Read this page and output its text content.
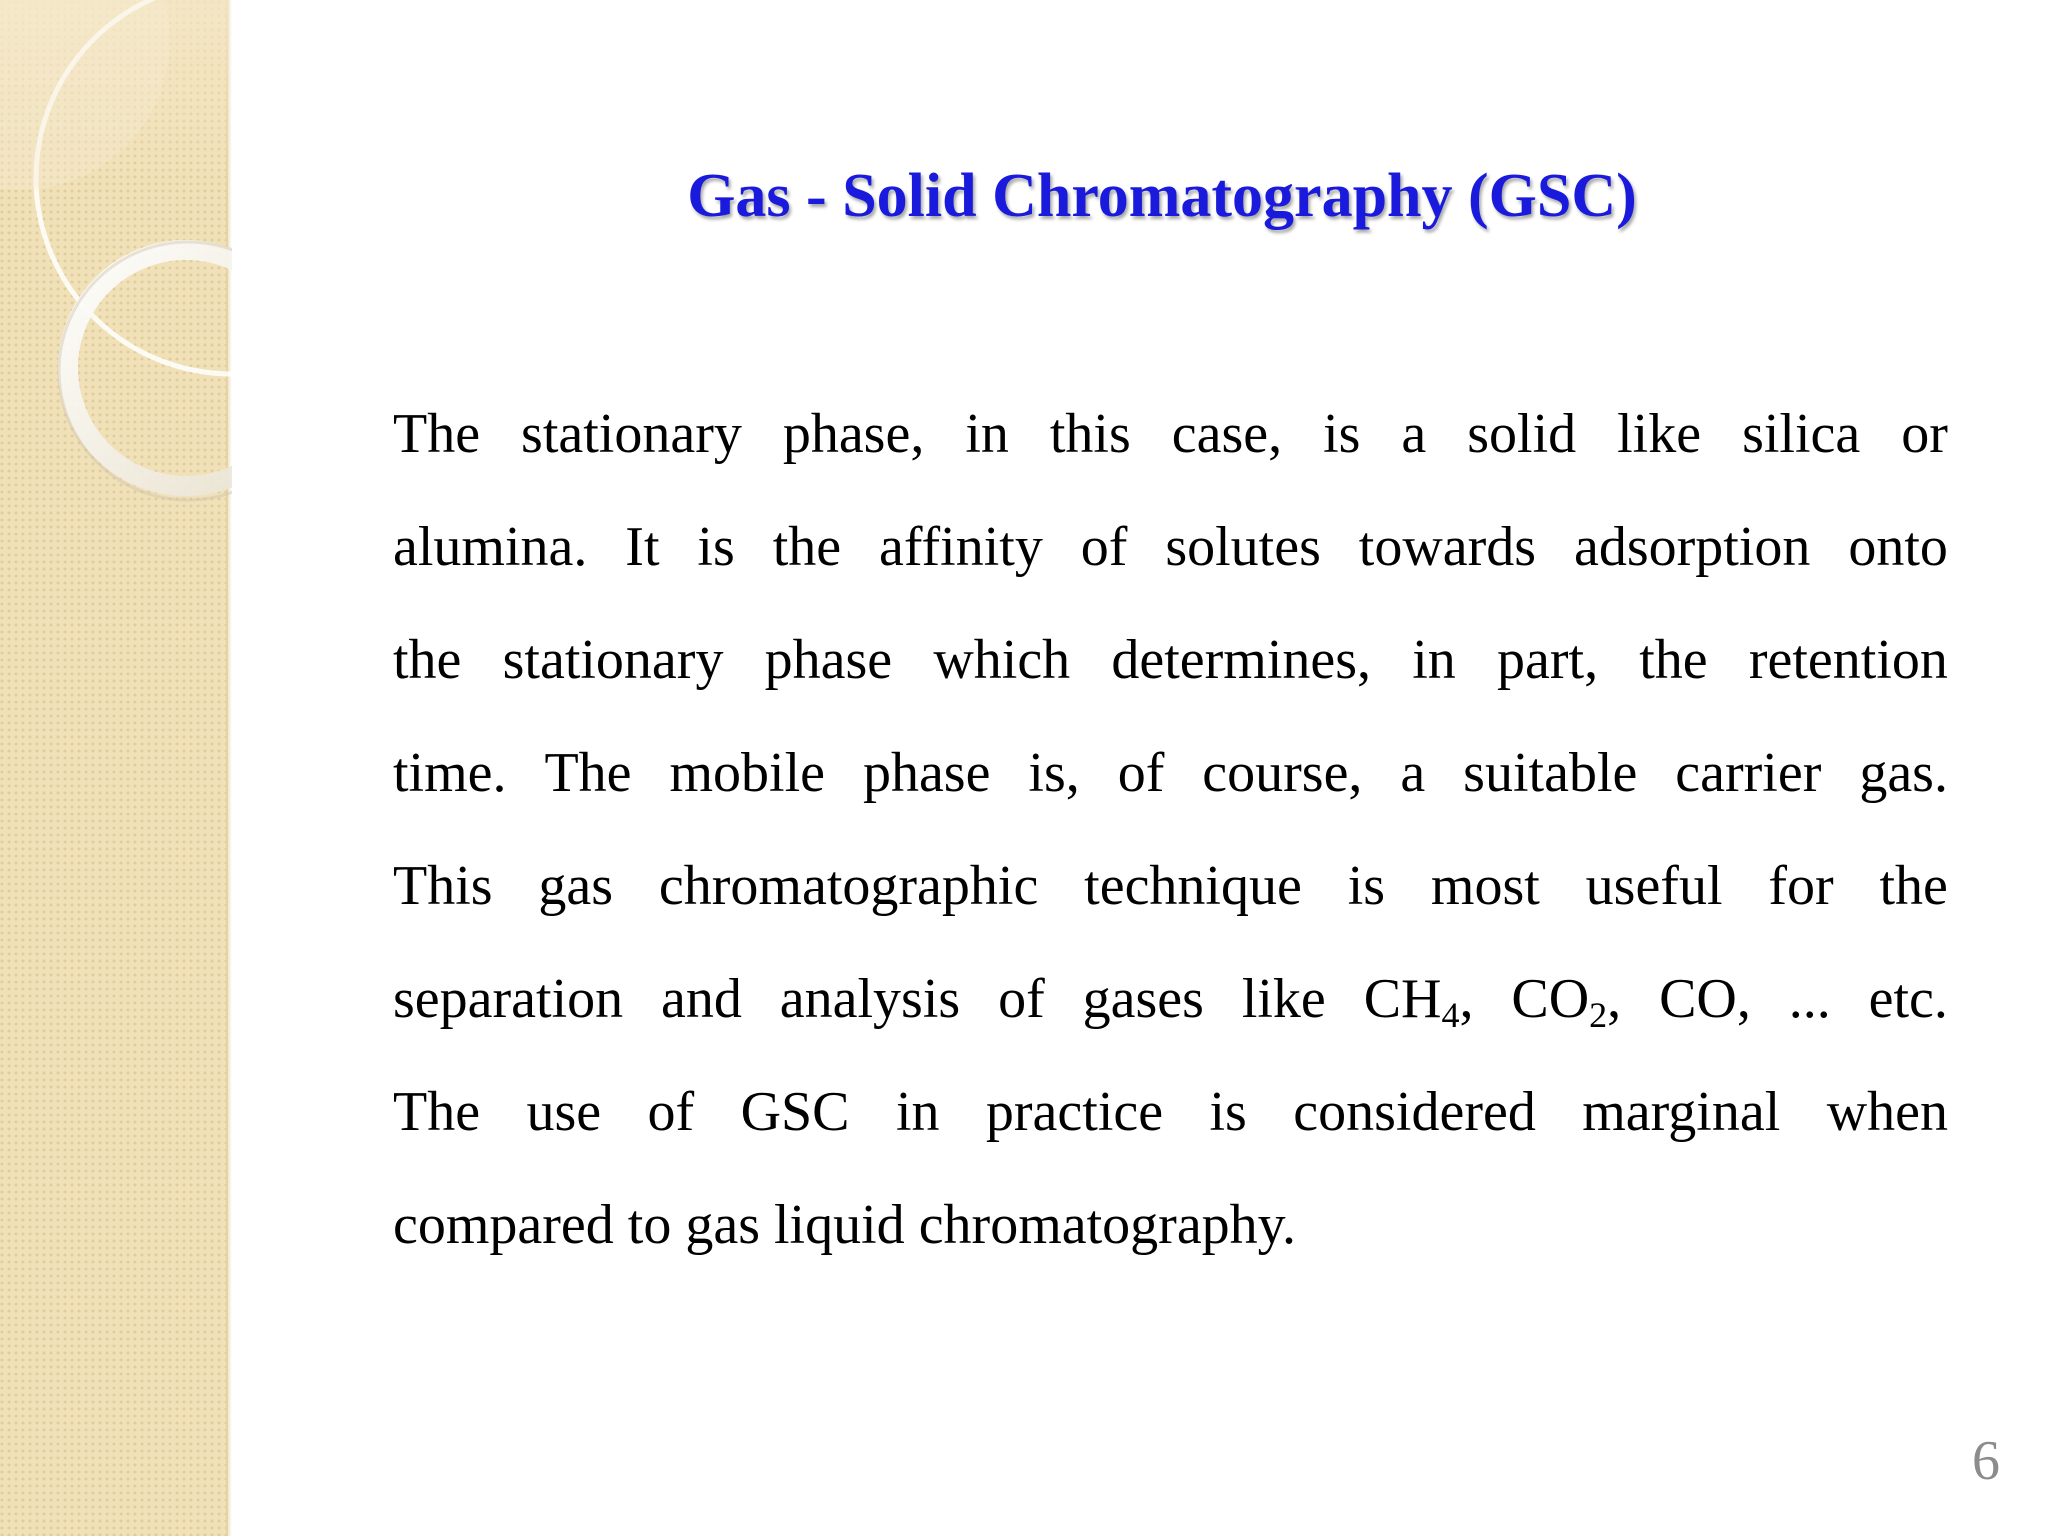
Gas - Solid Chromatography (GSC)
The stationary phase, in this case, is a solid like silica or
alumina. It is the affinity of solutes towards adsorption onto
the stationary phase which determines, in part, the retention
time. The mobile phase is, of course, a suitable carrier gas.
This gas chromatographic technique is most useful for the
separation and analysis of gases like $CH_4$, $CO_2$, CO, ... etc.
The use of GSC in practice is considered marginal when
compared
to
gas
liquid
chromatography.
6
